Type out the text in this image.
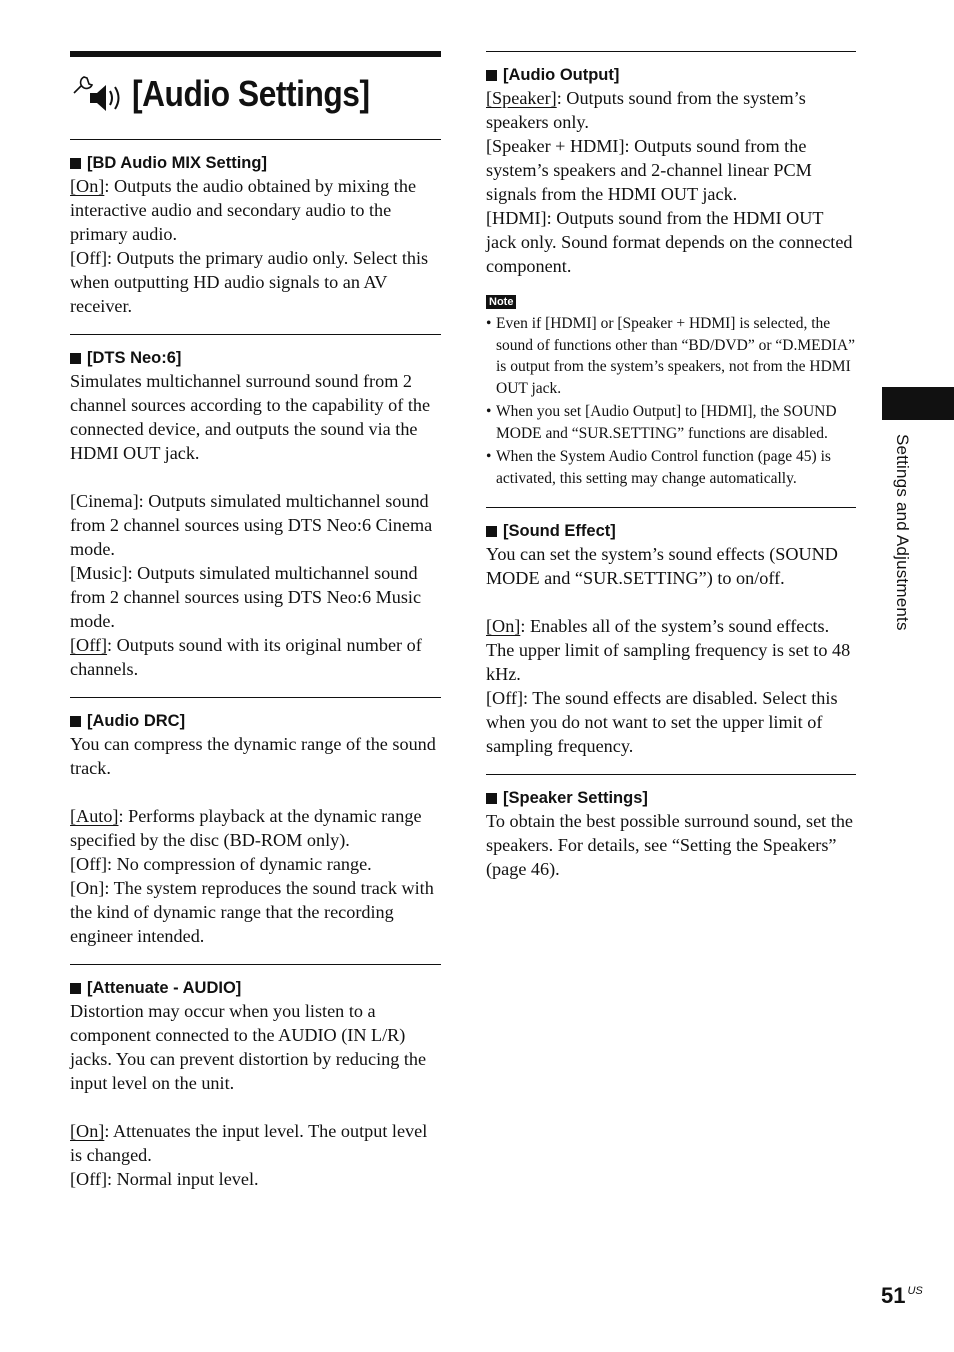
[Audio Settings]
[BD Audio MIX Setting]

[On]: Outputs the audio obtained by mixing the interactive audio and secondary audio to the primary audio.

[Off]: Outputs the primary audio only. Select this when outputting HD audio signals to an AV receiver.

[DTS Neo:6]

Simulates multichannel surround sound from 2 channel sources according to the capability of the connected device, and outputs the sound via the HDMI OUT jack.

[Cinema]: Outputs simulated multichannel sound from 2 channel sources using DTS Neo:6 Cinema mode.

[Music]: Outputs simulated multichannel sound from 2 channel sources using DTS Neo:6 Music mode.

[Off]: Outputs sound with its original number of channels.

[Audio DRC]

You can compress the dynamic range of the sound track.

[Auto]: Performs playback at the dynamic range specified by the disc (BD-ROM only).

[Off]: No compression of dynamic range.

[On]: The system reproduces the sound track with the kind of dynamic range that the recording engineer intended.

[Attenuate - AUDIO]

Distortion may occur when you listen to a component connected to the AUDIO (IN L/R) jacks. You can prevent distortion by reducing the input level on the unit.

[On]: Attenuates the input level. The output level is changed.

[Off]: Normal input level.

[Audio Output]

[Speaker]: Outputs sound from the system’s speakers only.

[Speaker + HDMI]: Outputs sound from the system’s speakers and 2-channel linear PCM signals from the HDMI OUT jack.

[HDMI]: Outputs sound from the HDMI OUT jack only. Sound format depends on the connected component.

Note
• Even if [HDMI] or [Speaker + HDMI] is selected, the sound of functions other than “BD/DVD” or “D.MEDIA” is output from the system’s speakers, not from the HDMI OUT jack.
• When you set [Audio Output] to [HDMI], the SOUND MODE and “SUR.SETTING” functions are disabled.
• When the System Audio Control function (page 45) is activated, this setting may change automatically.
[Sound Effect]

You can set the system’s sound effects (SOUND MODE and “SUR.SETTING”) to on/off.

[On]: Enables all of the system’s sound effects. The upper limit of sampling frequency is set to 48 kHz.

[Off]: The sound effects are disabled. Select this when you do not want to set the upper limit of sampling frequency.

[Speaker Settings]

To obtain the best possible surround sound, set the speakers. For details, see “Setting the Speakers” (page 46).

Settings and Adjustments
51 $^{US}$
